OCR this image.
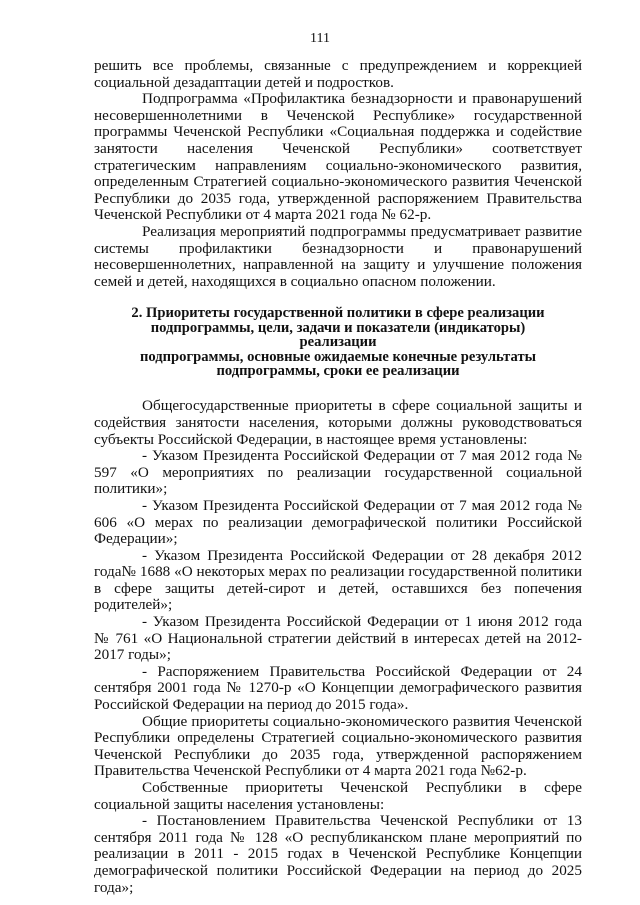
111

решить все проблемы, связанные с предупреждением и коррекцией социальной дезадаптации детей и подростков.

Подпрограмма «Профилактика безнадзорности и правонарушений несовершеннолетними в Чеченской Республике» государственной программы Чеченской Республики «Социальная поддержка и содействие занятости населения Чеченской Республики» соответствует стратегическим направлениям социально-экономического развития, определенным Стратегией социально-экономического развития Чеченской Республики до 2035 года, утвержденной распоряжением Правительства Чеченской Республики от 4 марта 2021 года № 62-р.

Реализация мероприятий подпрограммы предусматривает развитие системы профилактики безнадзорности и правонарушений несовершеннолетних, направленной на защиту и улучшение положения семей и детей, находящихся в социально опасном положении.

2. Приоритеты государственной политики в сфере реализации
подпрограммы, цели, задачи и показатели (индикаторы) реализации
подпрограммы, основные ожидаемые конечные результаты
подпрограммы, сроки ее реализации

Общегосударственные приоритеты в сфере социальной защиты и содействия занятости населения, которыми должны руководствоваться субъекты Российской Федерации, в настоящее время установлены:

- Указом Президента Российской Федерации от 7 мая 2012 года № 597 «О мероприятиях по реализации государственной социальной политики»;

- Указом Президента Российской Федерации от 7 мая 2012 года № 606 «О мерах по реализации демографической политики Российской Федерации»;

- Указом Президента Российской Федерации от 28 декабря 2012 года№ 1688 «О некоторых мерах по реализации государственной политики в сфере защиты детей-сирот и детей, оставшихся без попечения родителей»;

- Указом Президента Российской Федерации от 1 июня 2012 года № 761 «О Национальной стратегии действий в интересах детей на 2012-2017 годы»;

- Распоряжением Правительства Российской Федерации от 24 сентября 2001 года № 1270-р «О Концепции демографического развития Российской Федерации на период до 2015 года».

Общие приоритеты социально-экономического развития Чеченской Республики определены Стратегией социально-экономического развития Чеченской Республики до 2035 года, утвержденной распоряжением Правительства Чеченской Республики от 4 марта 2021 года №62-р.

Собственные приоритеты Чеченской Республики в сфере социальной защиты населения установлены:

- Постановлением Правительства Чеченской Республики от 13 сентября 2011 года № 128 «О республиканском плане мероприятий по реализации в 2011 - 2015 годах в Чеченской Республике Концепции демографической политики Российской Федерации на период до 2025 года»;
